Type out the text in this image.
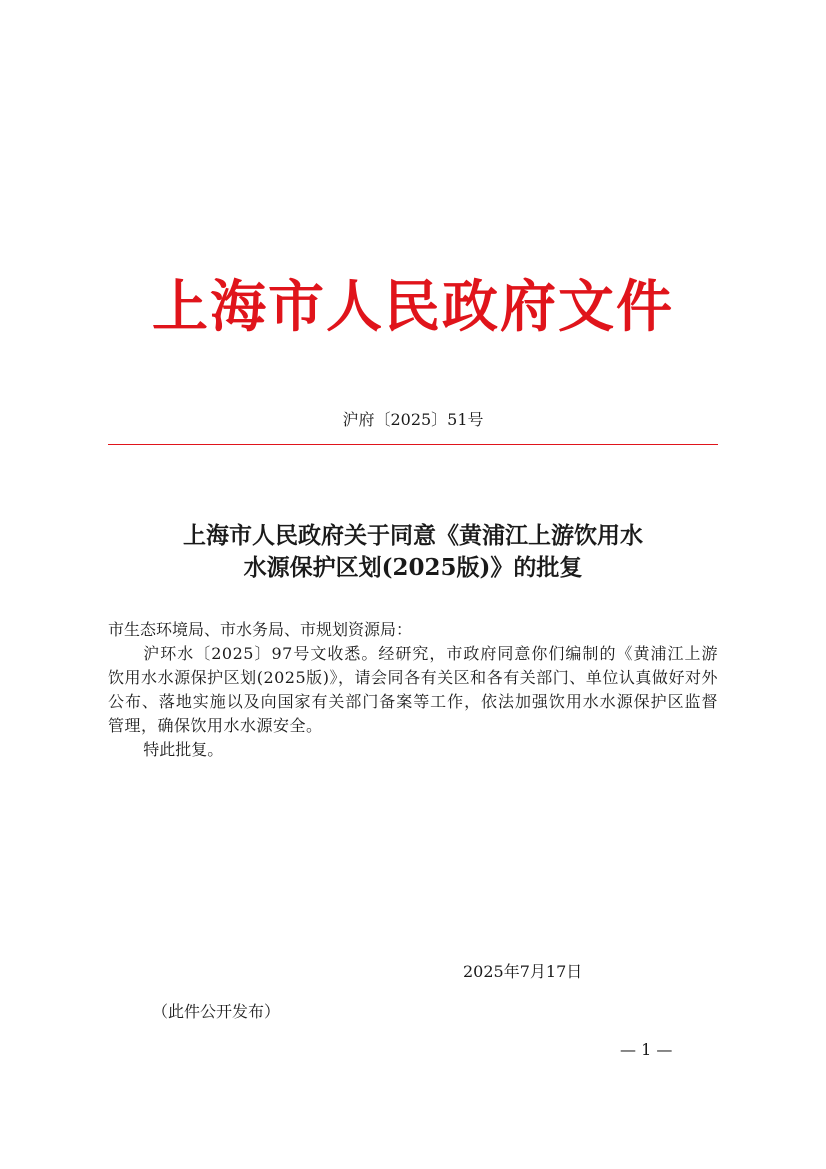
上海市人民政府文件
沪府〔2025〕51号
上海市人民政府关于同意《黄浦江上游饮用水
水源保护区划(2025版)》的批复

市生态环境局、市水务局、市规划资源局：

沪环水〔2025〕97号文收悉。经研究，市政府同意你们编制的《黄浦江上游饮用水水源保护区划(2025版)》，请会同各有关区和各有关部门、单位认真做好对外公布、落地实施以及向国家有关部门备案等工作，依法加强饮用水水源保护区监督管理，确保饮用水水源安全。

特此批复。

2025年7月17日
（此件公开发布）
— 1 —
